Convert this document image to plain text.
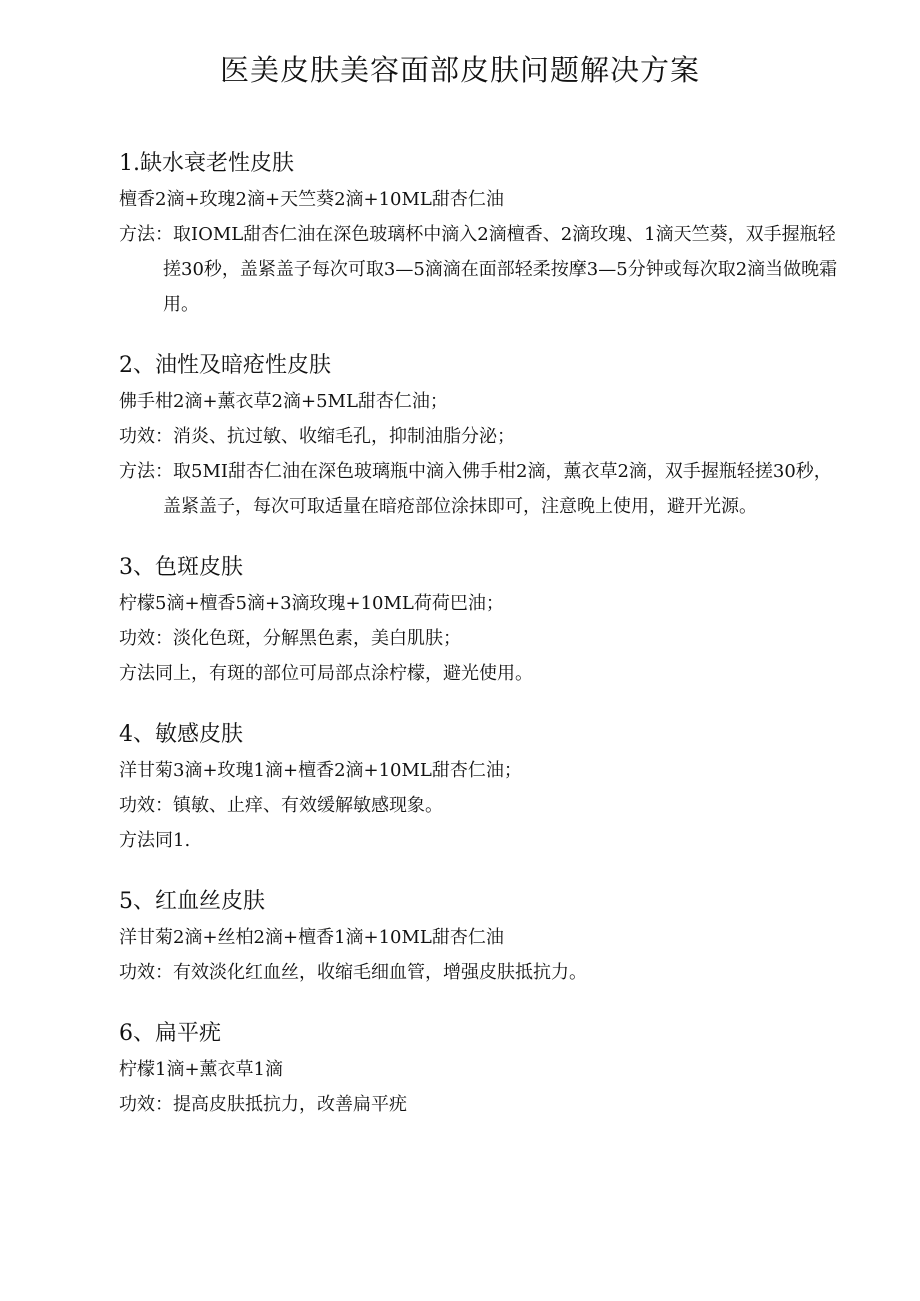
医美皮肤美容面部皮肤问题解决方案
1.缺水衰老性皮肤

檀香2滴+玫瑰2滴+天竺葵2滴+10ML甜杏仁油

方法：取IOML甜杏仁油在深色玻璃杯中滴入2滴檀香、2滴玫瑰、1滴天竺葵，双手握瓶轻搓30秒，盖紧盖子每次可取3—5滴滴在面部轻柔按摩3—5分钟或每次取2滴当做晚霜用。

2、油性及暗疮性皮肤

佛手柑2滴+薰衣草2滴+5ML甜杏仁油；

功效：消炎、抗过敏、收缩毛孔，抑制油脂分泌；

方法：取5MI甜杏仁油在深色玻璃瓶中滴入佛手柑2滴，薰衣草2滴，双手握瓶轻搓30秒，盖紧盖子，每次可取适量在暗疮部位涂抹即可，注意晚上使用，避开光源。

3、色斑皮肤

柠檬5滴+檀香5滴+3滴玫瑰+10ML荷荷巴油；

功效：淡化色斑，分解黑色素，美白肌肤；

方法同上，有斑的部位可局部点涂柠檬，避光使用。

4、敏感皮肤

洋甘菊3滴+玫瑰1滴+檀香2滴+10ML甜杏仁油；

功效：镇敏、止痒、有效缓解敏感现象。

方法同1.

5、红血丝皮肤

洋甘菊2滴+丝柏2滴+檀香1滴+10ML甜杏仁油

功效：有效淡化红血丝，收缩毛细血管，增强皮肤抵抗力。

6、扁平疣

柠檬1滴+薰衣草1滴

功效：提高皮肤抵抗力，改善扁平疣
